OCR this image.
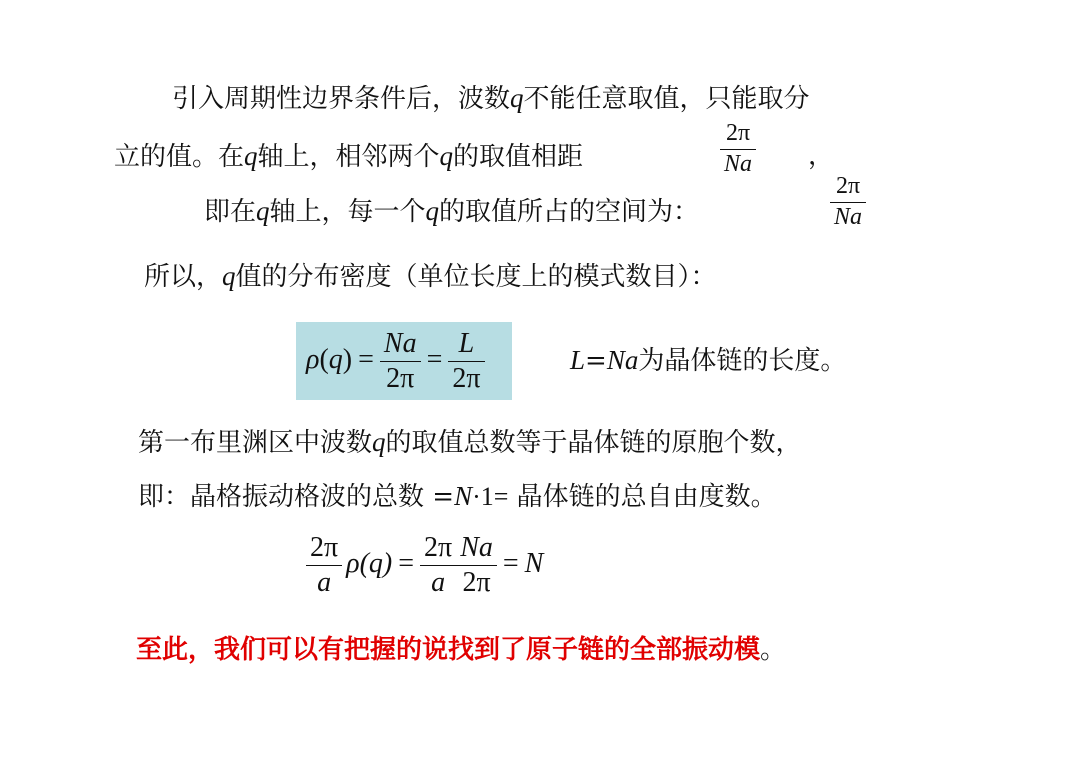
引入周期性边界条件后，波数q不能任意取值，只能取分
立的值。在q轴上，相邻两个q的取值相距	$\frac{2\pi}{Na}$ ，
即在q轴上，每一个q的取值所占的空间为：	$\frac{2\pi}{Na}$
所以，q值的分布密度（单位长度上的模式数目）：
$\rho(q) = \frac{Na}{2\pi} = \frac{L}{2\pi}$	L=Na为晶体链的长度。
第一布里渊区中波数q的取值总数等于晶体链的原胞个数，
即：晶格振动格波的总数 =N·1= 晶体链的总自由度数。
$\frac{2\pi}{a} \rho(q) = \frac{2\pi}{a} \frac{Na}{2\pi} = N$
至此，我们可以有把握的说找到了原子链的全部振动模。
